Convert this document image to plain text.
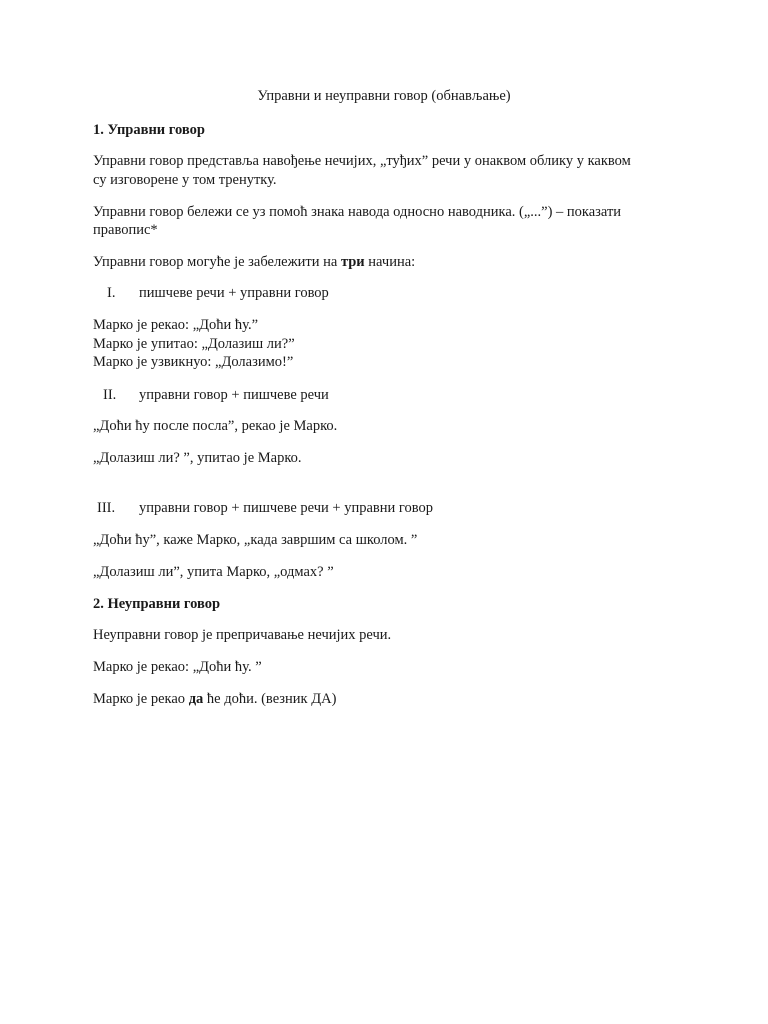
Управни и неуправни говор (обнављање)
1. Управни говор
Управни говор представља навођење нечијих, „туђих” речи у онаквом облику у каквом
су изговорене у том тренутку.
Управни говор бележи се уз помоћ знака навода односно наводника. („...”) – показати
правопис*
Управни говор могуће је забележити на три начина:
I. пишчеве речи + управни говор
Марко је рекао: „Доћи ћу.”
Марко је упитао: „Долазиш ли?”
Марко је узвикнуо: „Долазимо!”
II. управни говор + пишчеве речи
„Доћи ћу после посла”, рекао је Марко.
„Долазиш ли? ”, упитао је Марко.
III. управни говор + пишчеве речи + управни говор
„Доћи ћу”, каже Марко, „када завршим са школом. ”
„Долазиш ли”, упита Марко, „одмах? ”
2. Неуправни говор
Неуправни говор је препричавање нечијих речи.
Марко је рекао: „Доћи ћу. ”
Марко је рекао да ће доћи. (везник ДА)
